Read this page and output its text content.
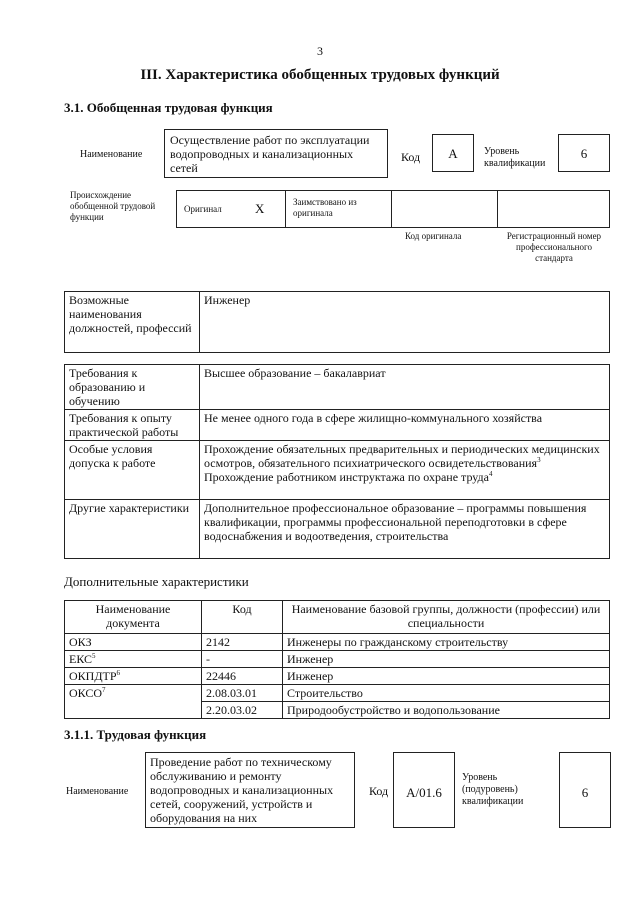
3
III. Характеристика обобщенных трудовых функций
3.1. Обобщенная трудовая функция
Наименование
Осуществление работ по эксплуатации водопроводных и канализационных сетей
Код	А	Уровень квалификации
6
Происхождение обобщенной трудовой функции
Оригинал	X	Заимствовано из оригинала
Код оригинала	Регистрационный номер профессионального стандарта
Возможные наименования должностей, профессий	Инженер
Требования к образованию и обучению	Высшее образование – бакалавриат
Требования к опыту практической работы	Не менее одного года в сфере жилищно-коммунального хозяйства
Особые условия допуска к работе	Прохождение обязательных предварительных и периодических медицинских осмотров, обязательного психиатрического освидетельствования$^3$
Прохождение работником инструктажа по охране труда$^4$
Другие характеристики	Дополнительное профессиональное образование – программы повышения квалификации, программы профессиональной переподготовки в сфере водоснабжения и водоотведения, строительства
Дополнительные характеристики
Наименование документа	Код	Наименование базовой группы, должности (профессии) или специальности
ОКЗ	2142	Инженеры по гражданскому строительству
ЕКС$^5$	-	Инженер
ОКПДТР$^6$	22446	Инженер
ОКСО$^7$	2.08.03.01	Строительство
	2.20.03.02	Природообустройство и водопользование
3.1.1. Трудовая функция
Наименование
Проведение работ по техническому обслуживанию и ремонту водопроводных и канализационных сетей, сооружений, устройств и оборудования на них
Код	А/01.6
Уровень (подуровень) квалификации
6
